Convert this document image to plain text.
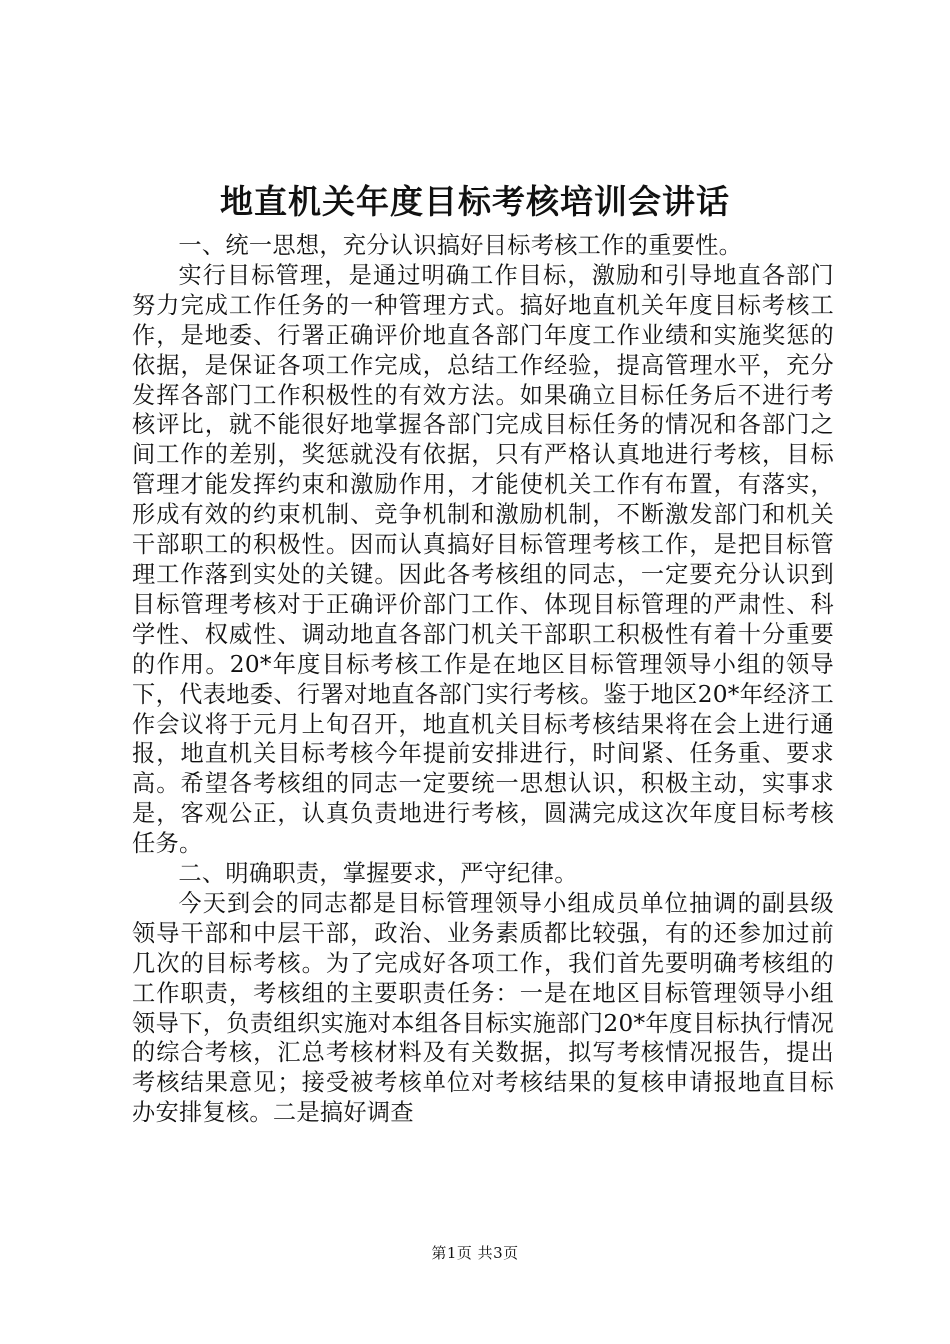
地直机关年度目标考核培训会讲话

一、统一思想，充分认识搞好目标考核工作的重要性。

实行目标管理，是通过明确工作目标，激励和引导地直各部门努力完成工作任务的一种管理方式。搞好地直机关年度目标考核工作，是地委、行署正确评价地直各部门年度工作业绩和实施奖惩的依据，是保证各项工作完成，总结工作经验，提高管理水平，充分发挥各部门工作积极性的有效方法。如果确立目标任务后不进行考核评比，就不能很好地掌握各部门完成目标任务的情况和各部门之间工作的差别，奖惩就没有依据，只有严格认真地进行考核，目标管理才能发挥约束和激励作用，才能使机关工作有布置，有落实，形成有效的约束机制、竞争机制和激励机制，不断激发部门和机关干部职工的积极性。因而认真搞好目标管理考核工作，是把目标管理工作落到实处的关键。因此各考核组的同志，一定要充分认识到目标管理考核对于正确评价部门工作、体现目标管理的严肃性、科学性、权威性、调动地直各部门机关干部职工积极性有着十分重要的作用。20*年度目标考核工作是在地区目标管理领导小组的领导下，代表地委、行署对地直各部门实行考核。鉴于地区20*年经济工作会议将于元月上旬召开，地直机关目标考核结果将在会上进行通报，地直机关目标考核今年提前安排进行，时间紧、任务重、要求高。希望各考核组的同志一定要统一思想认识，积极主动，实事求是，客观公正，认真负责地进行考核，圆满完成这次年度目标考核任务。

二、明确职责，掌握要求，严守纪律。

今天到会的同志都是目标管理领导小组成员单位抽调的副县级领导干部和中层干部，政治、业务素质都比较强，有的还参加过前几次的目标考核。为了完成好各项工作，我们首先要明确考核组的工作职责，考核组的主要职责任务：一是在地区目标管理领导小组领导下，负责组织实施对本组各目标实施部门20*年度目标执行情况的综合考核，汇总考核材料及有关数据，拟写考核情况报告，提出考核结果意见；接受被考核单位对考核结果的复核申请报地直目标办安排复核。二是搞好调查

第1页 共3页
